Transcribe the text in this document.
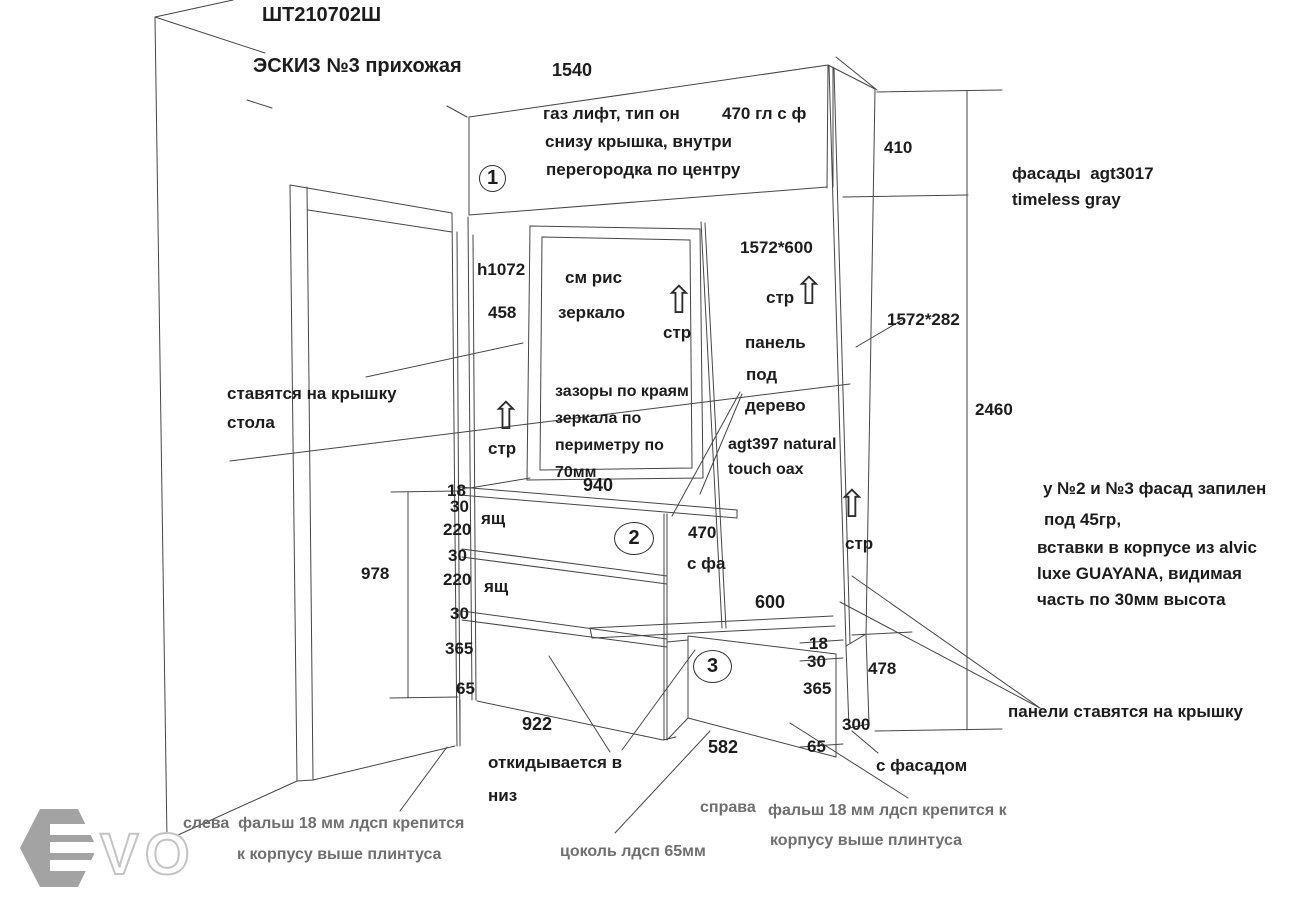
VO
ШТ210702Ш
ЭСКИЗ №3 прихожая	1540
газ лифт, тип он 470 гл с ф
снизу крышка, внутри
перегородка по центру
410
фасады  agt3017
timeless gray
1572*282
2460
h1072 см рис
458 зеркало
1572*600
стр
панель
под
дерево
зазоры по краям
зеркала по
периметру по
70мм
agt397 natural
touch oax
стр
стр
ставятся на крышку
стола
940
18
30
220
30
220
30
365
65
978
ящ
ящ
470
с фа
600
18
30
365
65
478
300
стр
922
582
откидывается в
низ
слева  фальш 18 мм лдсп крепится
к корпусу выше плинтуса	цоколь лдсп 65мм
справа фальш 18 мм лдсп крепится к
корпусу выше плинтуса
с фасадом
панели ставятся на крышку
у №2 и №3 фасад запилен
под 45гр,
вставки в корпусе из alvic
luxe GUAYANA, видимая
часть по 30мм высота
1
2
3
⇧
⇧
⇧
⇧
